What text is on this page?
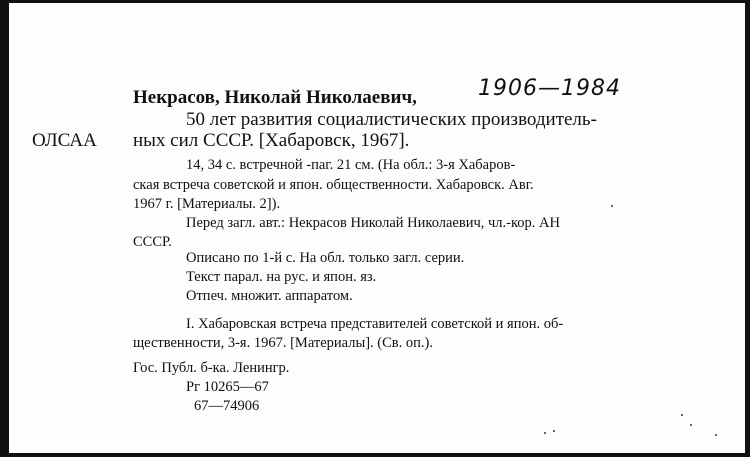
Некрасов, Николай Николаевич,	1906—1984
50 лет развития социалистических производитель-
ОЛСАА ных сил СССР. [Хабаровск, 1967].
14, 34 с. встречной -паг. 21 см. (На обл.: 3-я Хабаров-
ская встреча советской и япон. общественности. Хабаровск. Авг.
1967 г. [Материалы. 2]).
Перед загл. авт.: Некрасов Николай Николаевич, чл.-кор. АН
СССР.
Описано по 1-й с. На обл. только загл. серии.
Текст парал. на рус. и япон. яз.
Отпеч. множит. аппаратом.
I. Хабаровская встреча представителей советской и япон. об-
щественности, 3-я. 1967. [Материалы]. (Св. оп.).
Гос. Публ. б-ка. Ленингр.
Рг 10265—67
67—74906
